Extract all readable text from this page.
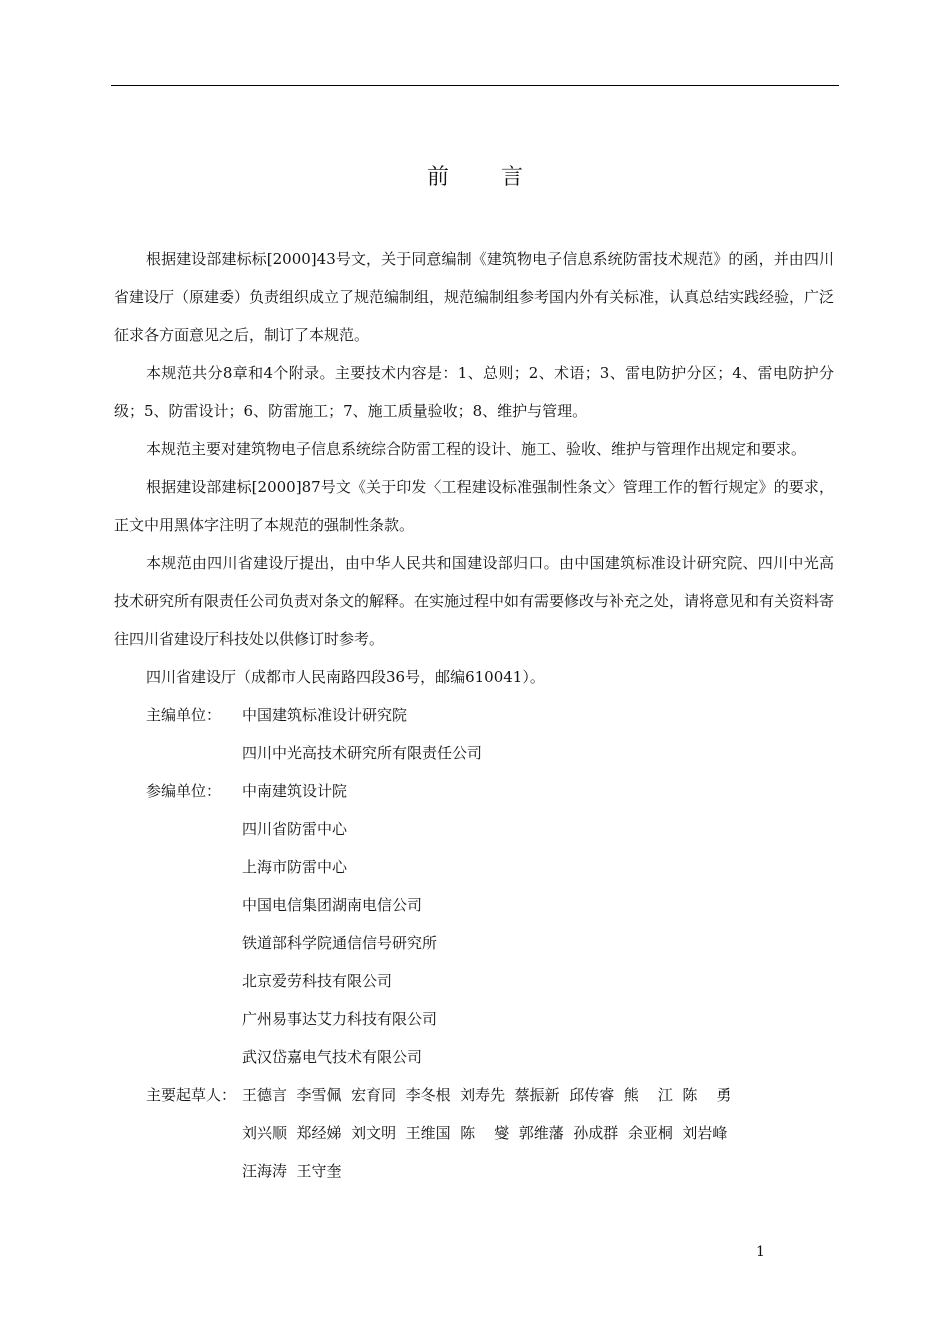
前 言

根据建设部建标标[2000]43号文，关于同意编制《建筑物电子信息系统防雷技术规范》的函，并由四川省建设厅（原建委）负责组织成立了规范编制组，规范编制组参考国内外有关标准，认真总结实践经验，广泛征求各方面意见之后，制订了本规范。

本规范共分8章和4个附录。主要技术内容是：1、总则；2、术语；3、雷电防护分区；4、雷电防护分级；5、防雷设计；6、防雷施工；7、施工质量验收；8、维护与管理。

本规范主要对建筑物电子信息系统综合防雷工程的设计、施工、验收、维护与管理作出规定和要求。

根据建设部建标[2000]87号文《关于印发〈工程建设标准强制性条文〉管理工作的暂行规定》的要求，正文中用黑体字注明了本规范的强制性条款。

本规范由四川省建设厅提出，由中华人民共和国建设部归口。由中国建筑标准设计研究院、四川中光高技术研究所有限责任公司负责对条文的解释。在实施过程中如有需要修改与补充之处，请将意见和有关资料寄往四川省建设厅科技处以供修订时参考。

四川省建设厅（成都市人民南路四段36号，邮编610041）。

主编单位：	中国建筑标准设计研究院
四川中光高技术研究所有限责任公司
参编单位：	中南建筑设计院
四川省防雷中心
上海市防雷中心
中国电信集团湖南电信公司
铁道部科学院通信信号研究所
北京爱劳科技有限公司
广州易事达艾力科技有限公司
武汉岱嘉电气技术有限公司
主要起草人： 王德言  李雪佩  宏育同  李冬根  刘寿先  蔡振新  邱传睿  熊    江  陈    勇
刘兴顺  郑经娣  刘文明  王维国  陈    燮  郭维藩  孙成群  余亚桐  刘岩峰
汪海涛  王守奎
1
